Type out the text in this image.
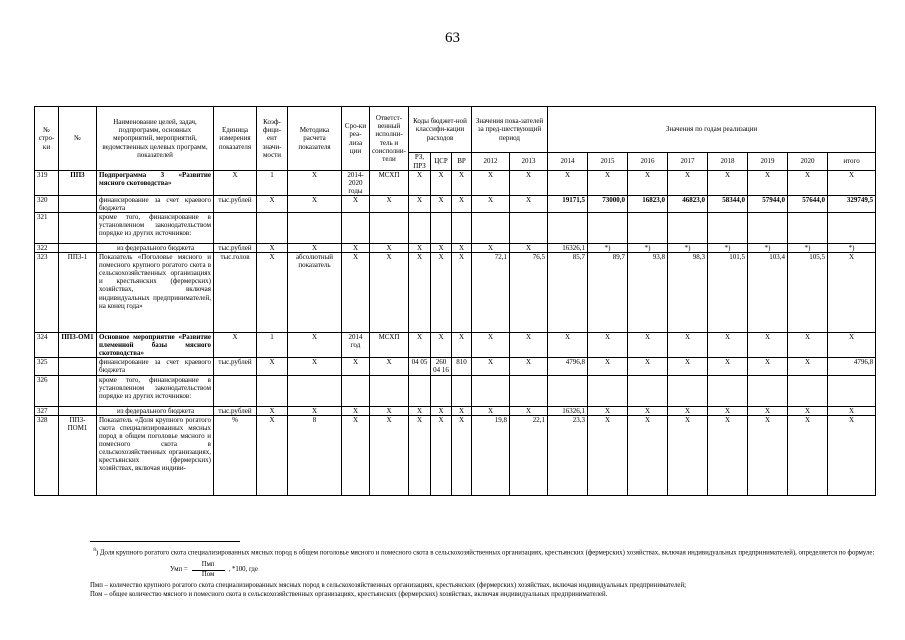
63
№ стро-ки	№	Наименование целей, задач, подпрограмм, основных мероприятий, мероприятий, ведомственных целевых программ, показателей	Единица измерения показателя	Коэф-фици-ент значи-мости	Методика расчета показателя	Сро-ки реа-лиза ции	Ответст-венный исполни-тель и соисполни-тели	Коды бюджет-ной классифи-кации расходов			Значения пока-зателей за пред-шествующий период		Значения по годам реализации							
								РЗ, ПРЗ	ЦСР	ВР	2012	2013	2014	2015	2016	2017	2018	2019	2020	итого
319	ПП3	Подпрограмма 3 «Развитие мясного скотоводства»	Х	1	Х	2014-2020 годы	МСХП	Х	Х	Х	Х	Х	Х	Х	Х	Х	Х	Х	Х	Х
320		финансирование за счет краевого бюджета	тыс.рублей	Х	Х	Х	Х	Х	Х	Х	Х	Х	19171,5	73000,0	16823,0	46823,0	58344,0	57944,0	57644,0	329749,5
321		кроме того, финансирование в установленном законодательством порядке из других источников:																		
322		из федерального бюджета	тыс.рублей	Х	Х	Х	Х	Х	Х	Х	Х	Х	16326,1	*)	*)	*)	*)	*)	*)	*)
323	ПП3-1	Показатель «Поголовье мясного и помесного крупного рогатого скота в сельскохозяйственных организациях и крестьянских (фермерских) хозяйствах, включая индивидуальных предпринимателей, на конец года»	тыс.голов	Х	абсолютный показатель	Х	Х	Х	Х	Х	72,1	76,5	85,7	89,7	93,8	98,3	101,5	103,4	105,5	Х
324	ПП3-ОМ1	Основное мероприятие «Развитие племенной базы мясного скотоводства»	Х	1	Х	2014 год	МСХП	Х	Х	Х	Х	Х	Х	Х	Х	Х	Х	Х	Х	Х
325		финансирование за счет краевого бюджета	тыс.рублей	Х	Х	Х	Х	04 05	260 04 16	810	Х	Х	4796,8	Х	Х	Х	Х	Х	Х	4796,8
326		кроме того, финансирование в установленном законодательством порядке из других источников:																		
327		из федерального бюджета	тыс.рублей	Х	Х	Х	Х	Х	Х	Х	Х	Х	16326,1	Х	Х	Х	Х	Х	Х	Х
328	ПП3-ПОМ1	Показатель «Доля крупного рогатого скота специализированных мясных пород в общем поголовье мясного и помесного скота в сельскохозяйственных организациях, крестьянских (фермерских) хозяйствах, включая индиви-	%	Х	8	Х	Х	Х	Х	Х	19,8	22,1	23,3	Х	Х	Х	Х	Х	Х	Х
$^8$) Доля крупного рогатого скота специализированных мясных пород в общем поголовье мясного и помесного скота в сельскохозяйственных организациях, крестьянских (фермерских) хозяйствах, включая индивидуальных предпринимателей), определяется по формуле:
Умп = $\frac{\text{Пмп}}{\text{Пом}}$ , *100, где
Пмп – количество крупного рогатого скота специализированных мясных пород в сельскохозяйственных организациях, крестьянских (фермерских) хозяйствах, включая индивидуальных предпринимателей;
Пом – общее количество мясного и помесного скота в сельскохозяйственных организациях, крестьянских (фермерских) хозяйствах, включая индивидуальных предпринимателей.
